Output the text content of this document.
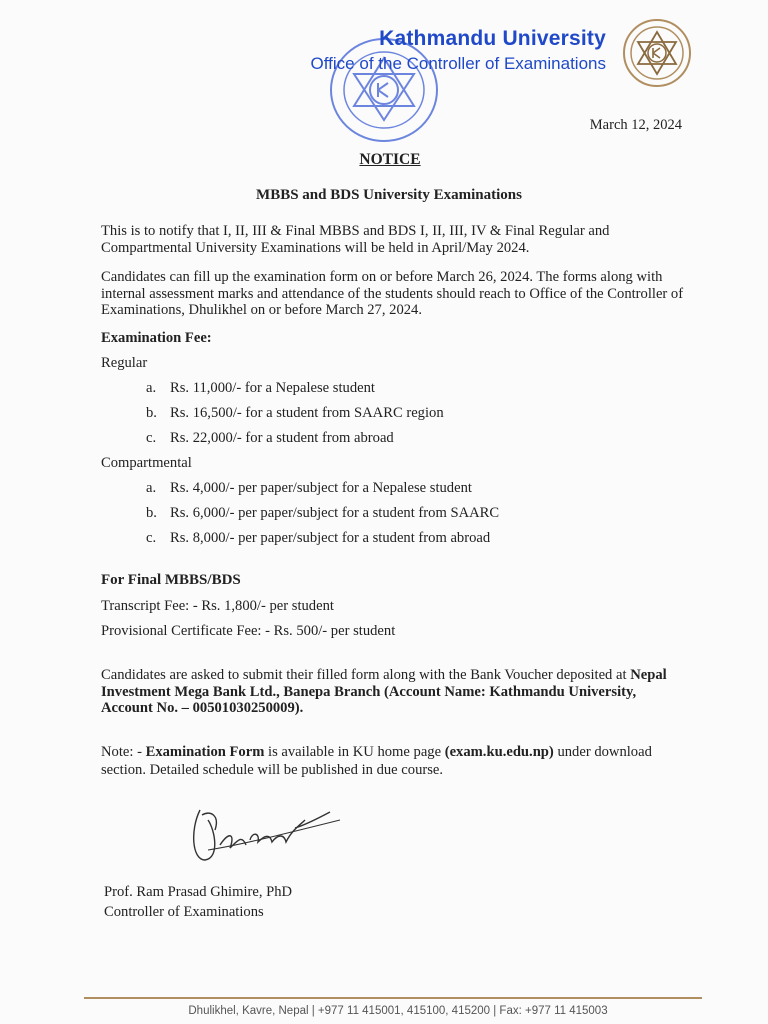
Kathmandu University
Office of the Controller of Examinations
March 12, 2024
NOTICE
MBBS and BDS University Examinations
This is to notify that I, II, III & Final MBBS and BDS I, II, III, IV & Final Regular and Compartmental University Examinations will be held in April/May 2024.
Candidates can fill up the examination form on or before March 26, 2024. The forms along with internal assessment marks and attendance of the students should reach to Office of the Controller of Examinations, Dhulikhel on or before March 27, 2024.
Examination Fee:
Regular
a. Rs. 11,000/- for a Nepalese student
b. Rs. 16,500/- for a student from SAARC region
c. Rs. 22,000/- for a student from abroad
Compartmental
a. Rs. 4,000/- per paper/subject for a Nepalese student
b. Rs. 6,000/- per paper/subject for a student from SAARC
c. Rs. 8,000/- per paper/subject for a student from abroad
For Final MBBS/BDS
Transcript Fee: - Rs. 1,800/- per student
Provisional Certificate Fee: - Rs. 500/- per student
Candidates are asked to submit their filled form along with the Bank Voucher deposited at Nepal Investment Mega Bank Ltd., Banepa Branch (Account Name: Kathmandu University, Account No. – 00501030250009).
Note: - Examination Form is available in KU home page (exam.ku.edu.np) under download section. Detailed schedule will be published in due course.
Prof. Ram Prasad Ghimire, PhD
Controller of Examinations
Dhulikhel, Kavre, Nepal | +977 11 415001, 415100, 415200 | Fax: +977 11 415003
